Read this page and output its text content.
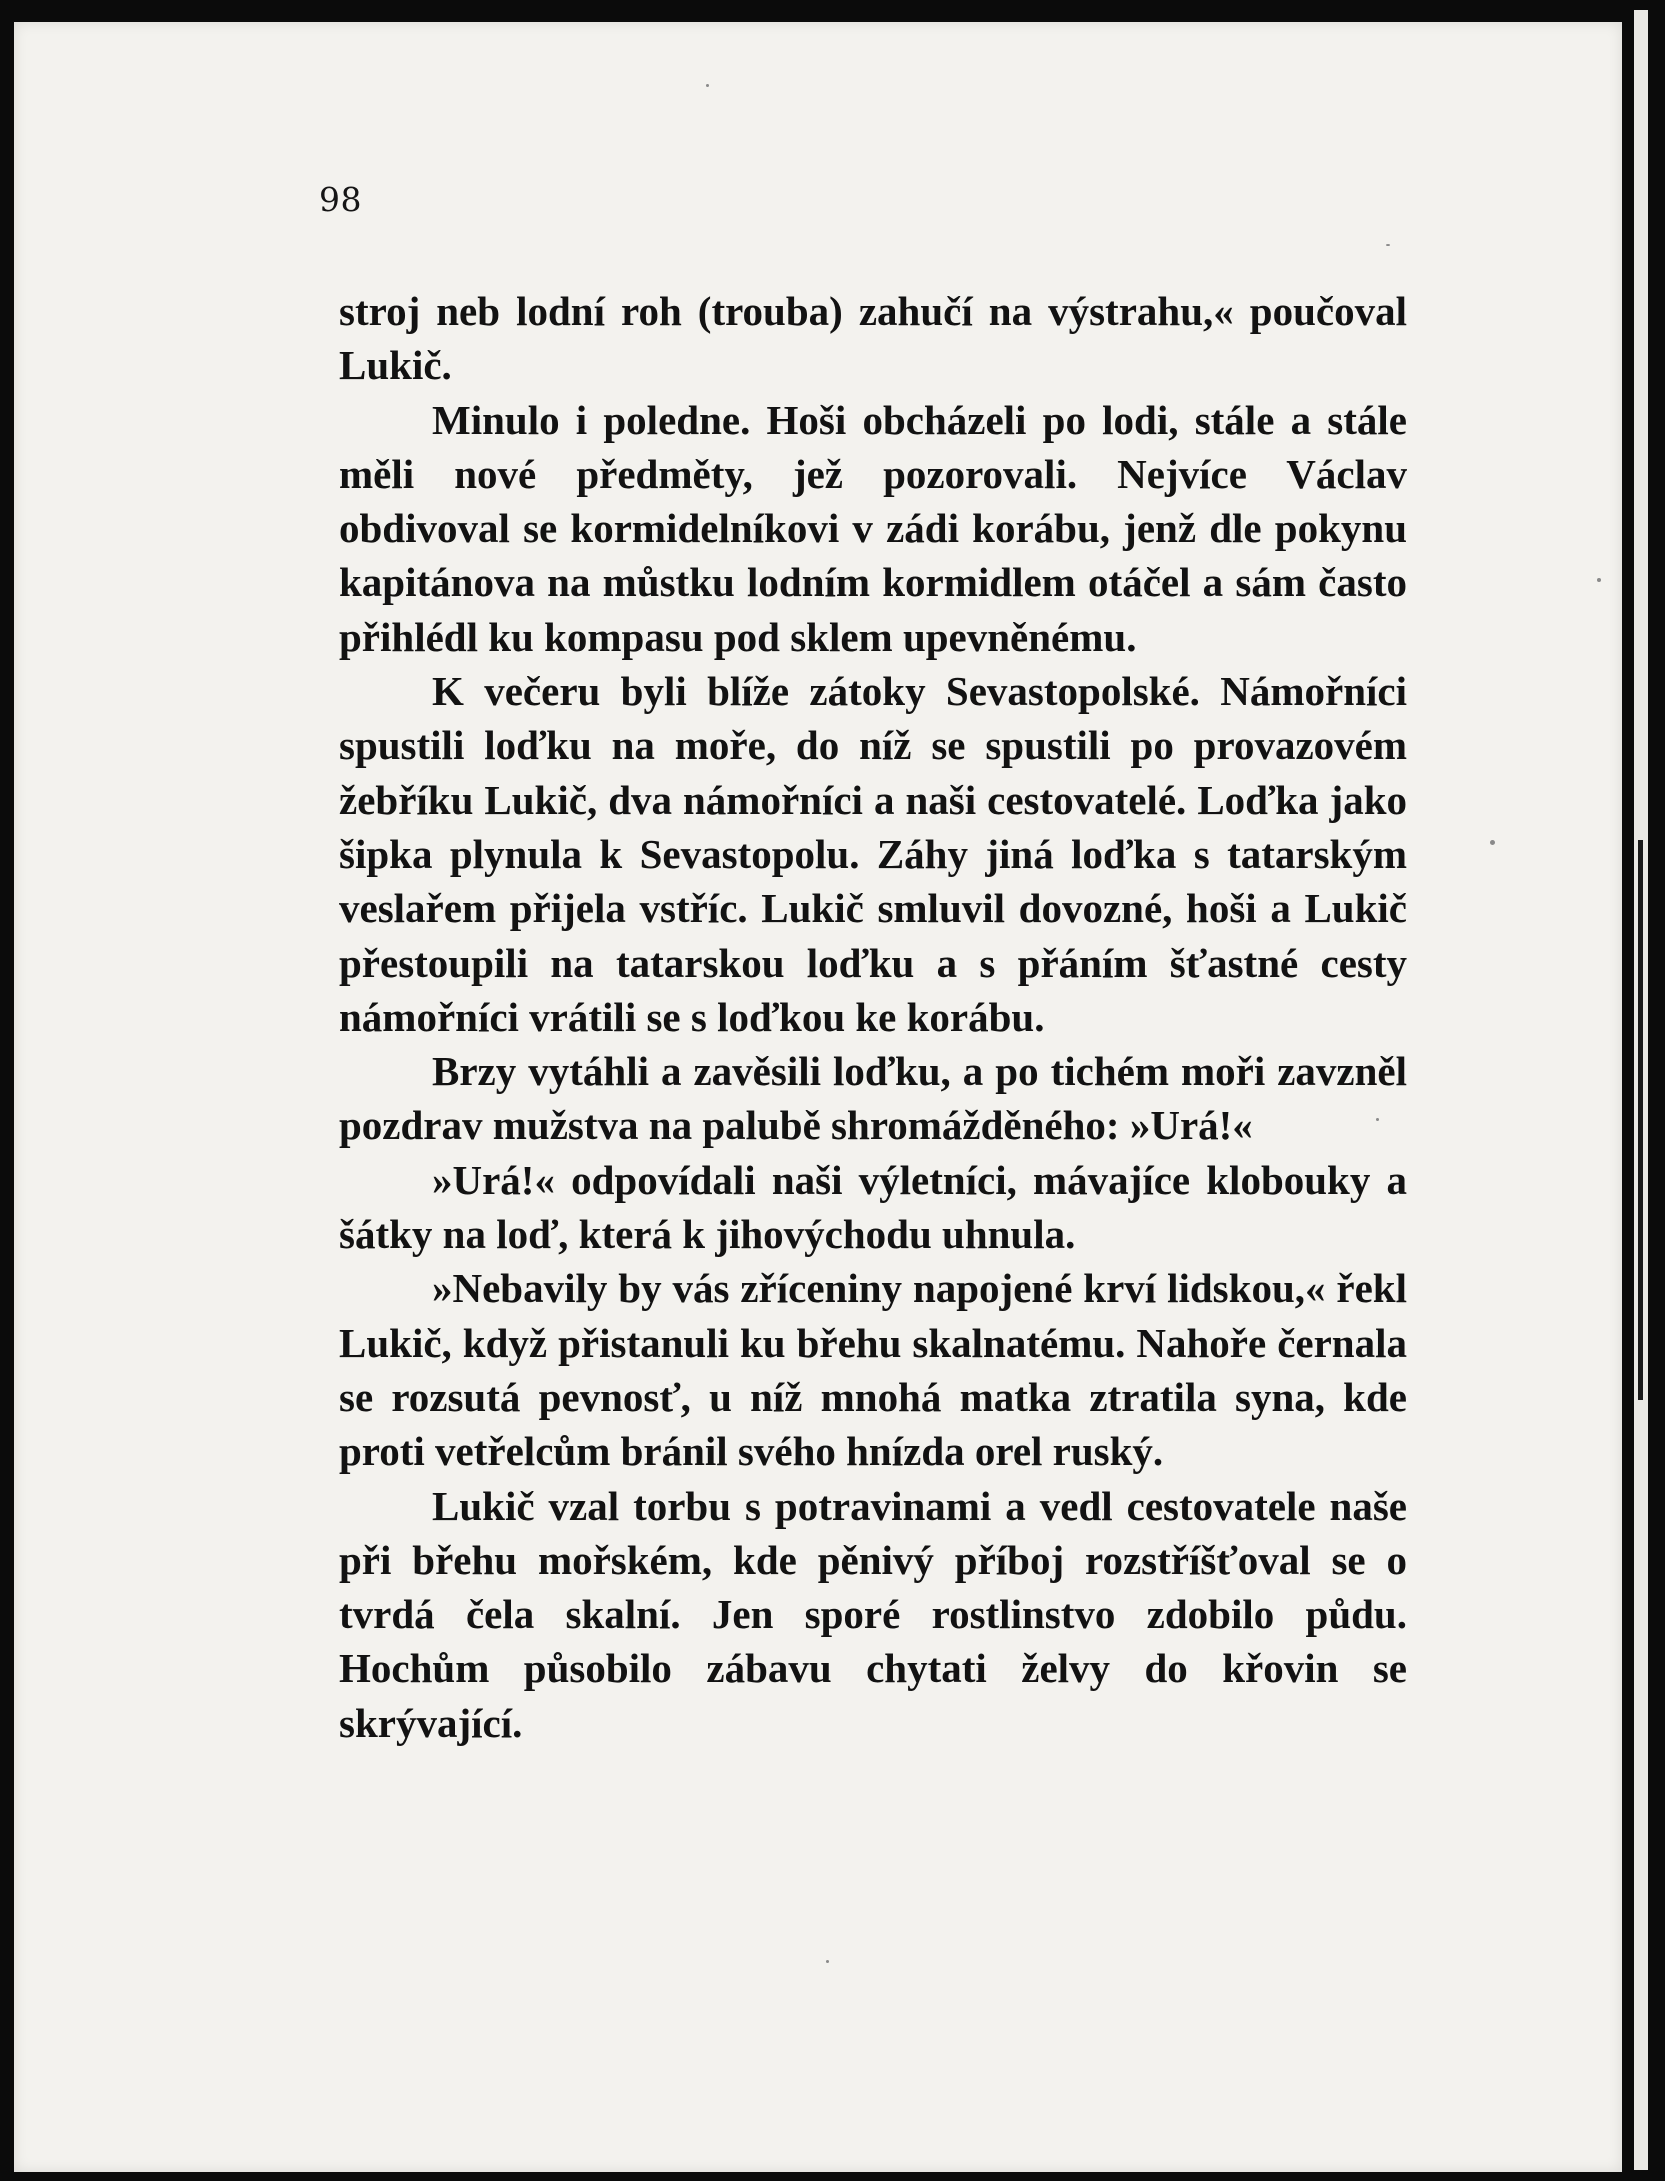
98

stroj neb lodní roh (trouba) zahučí na výstrahu,« poučoval Lukič.

Minulo i poledne. Hoši obcházeli po lodi, stále a stále měli nové předměty, jež pozorovali. Nejvíce Václav obdivoval se kormidelníkovi v zádi korábu, jenž dle pokynu kapitánova na můstku lodním kormidlem otáčel a sám často přihlédl ku kompasu pod sklem upevněnému.

K večeru byli blíže zátoky Sevastopolské. Námořníci spustili loďku na moře, do níž se spustili po provazovém žebříku Lukič, dva námořníci a naši cestovatelé. Loďka jako šipka plynula k Sevastopolu. Záhy jiná loďka s tatarským veslařem přijela vstříc. Lukič smluvil dovozné, hoši a Lukič přestoupili na tatarskou loďku a s přáním šťastné cesty námořníci vrátili se s loďkou ke korábu.

Brzy vytáhli a zavěsili loďku, a po tichém moři zavzněl pozdrav mužstva na palubě shromážděného: »Urá!«

»Urá!« odpovídali naši výletníci, mávajíce klobouky a šátky na loď, která k jihovýchodu uhnula.

»Nebavily by vás zříceniny napojené krví lidskou,« řekl Lukič, když přistanuli ku břehu skalnatému. Nahoře černala se rozsutá pevnosť, u níž mnohá matka ztratila syna, kde proti vetřelcům bránil svého hnízda orel ruský.

Lukič vzal torbu s potravinami a vedl cestovatele naše při břehu mořském, kde pěnivý příboj rozstříšťoval se o tvrdá čela skalní. Jen sporé rostlinstvo zdobilo půdu. Hochům působilo zábavu chytati želvy do křovin se skrývající.
